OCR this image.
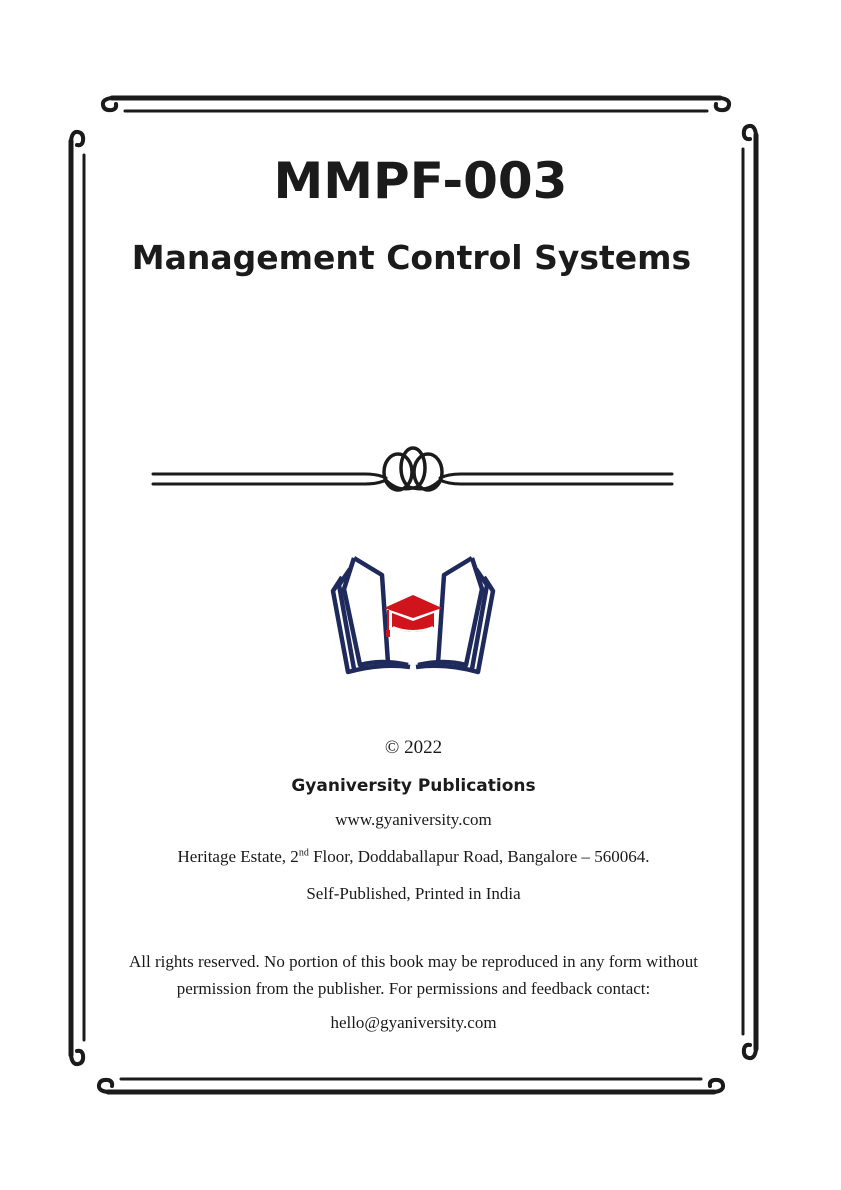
MMPF-003
Management Control Systems
© 2022
Gyaniversity Publications
www.gyaniversity.com
Heritage Estate, 2nd Floor, Doddaballapur Road, Bangalore – 560064.
Self-Published, Printed in India
All rights reserved. No portion of this book may be reproduced in any form without
permission from the publisher. For permissions and feedback contact:
hello@gyaniversity.com
